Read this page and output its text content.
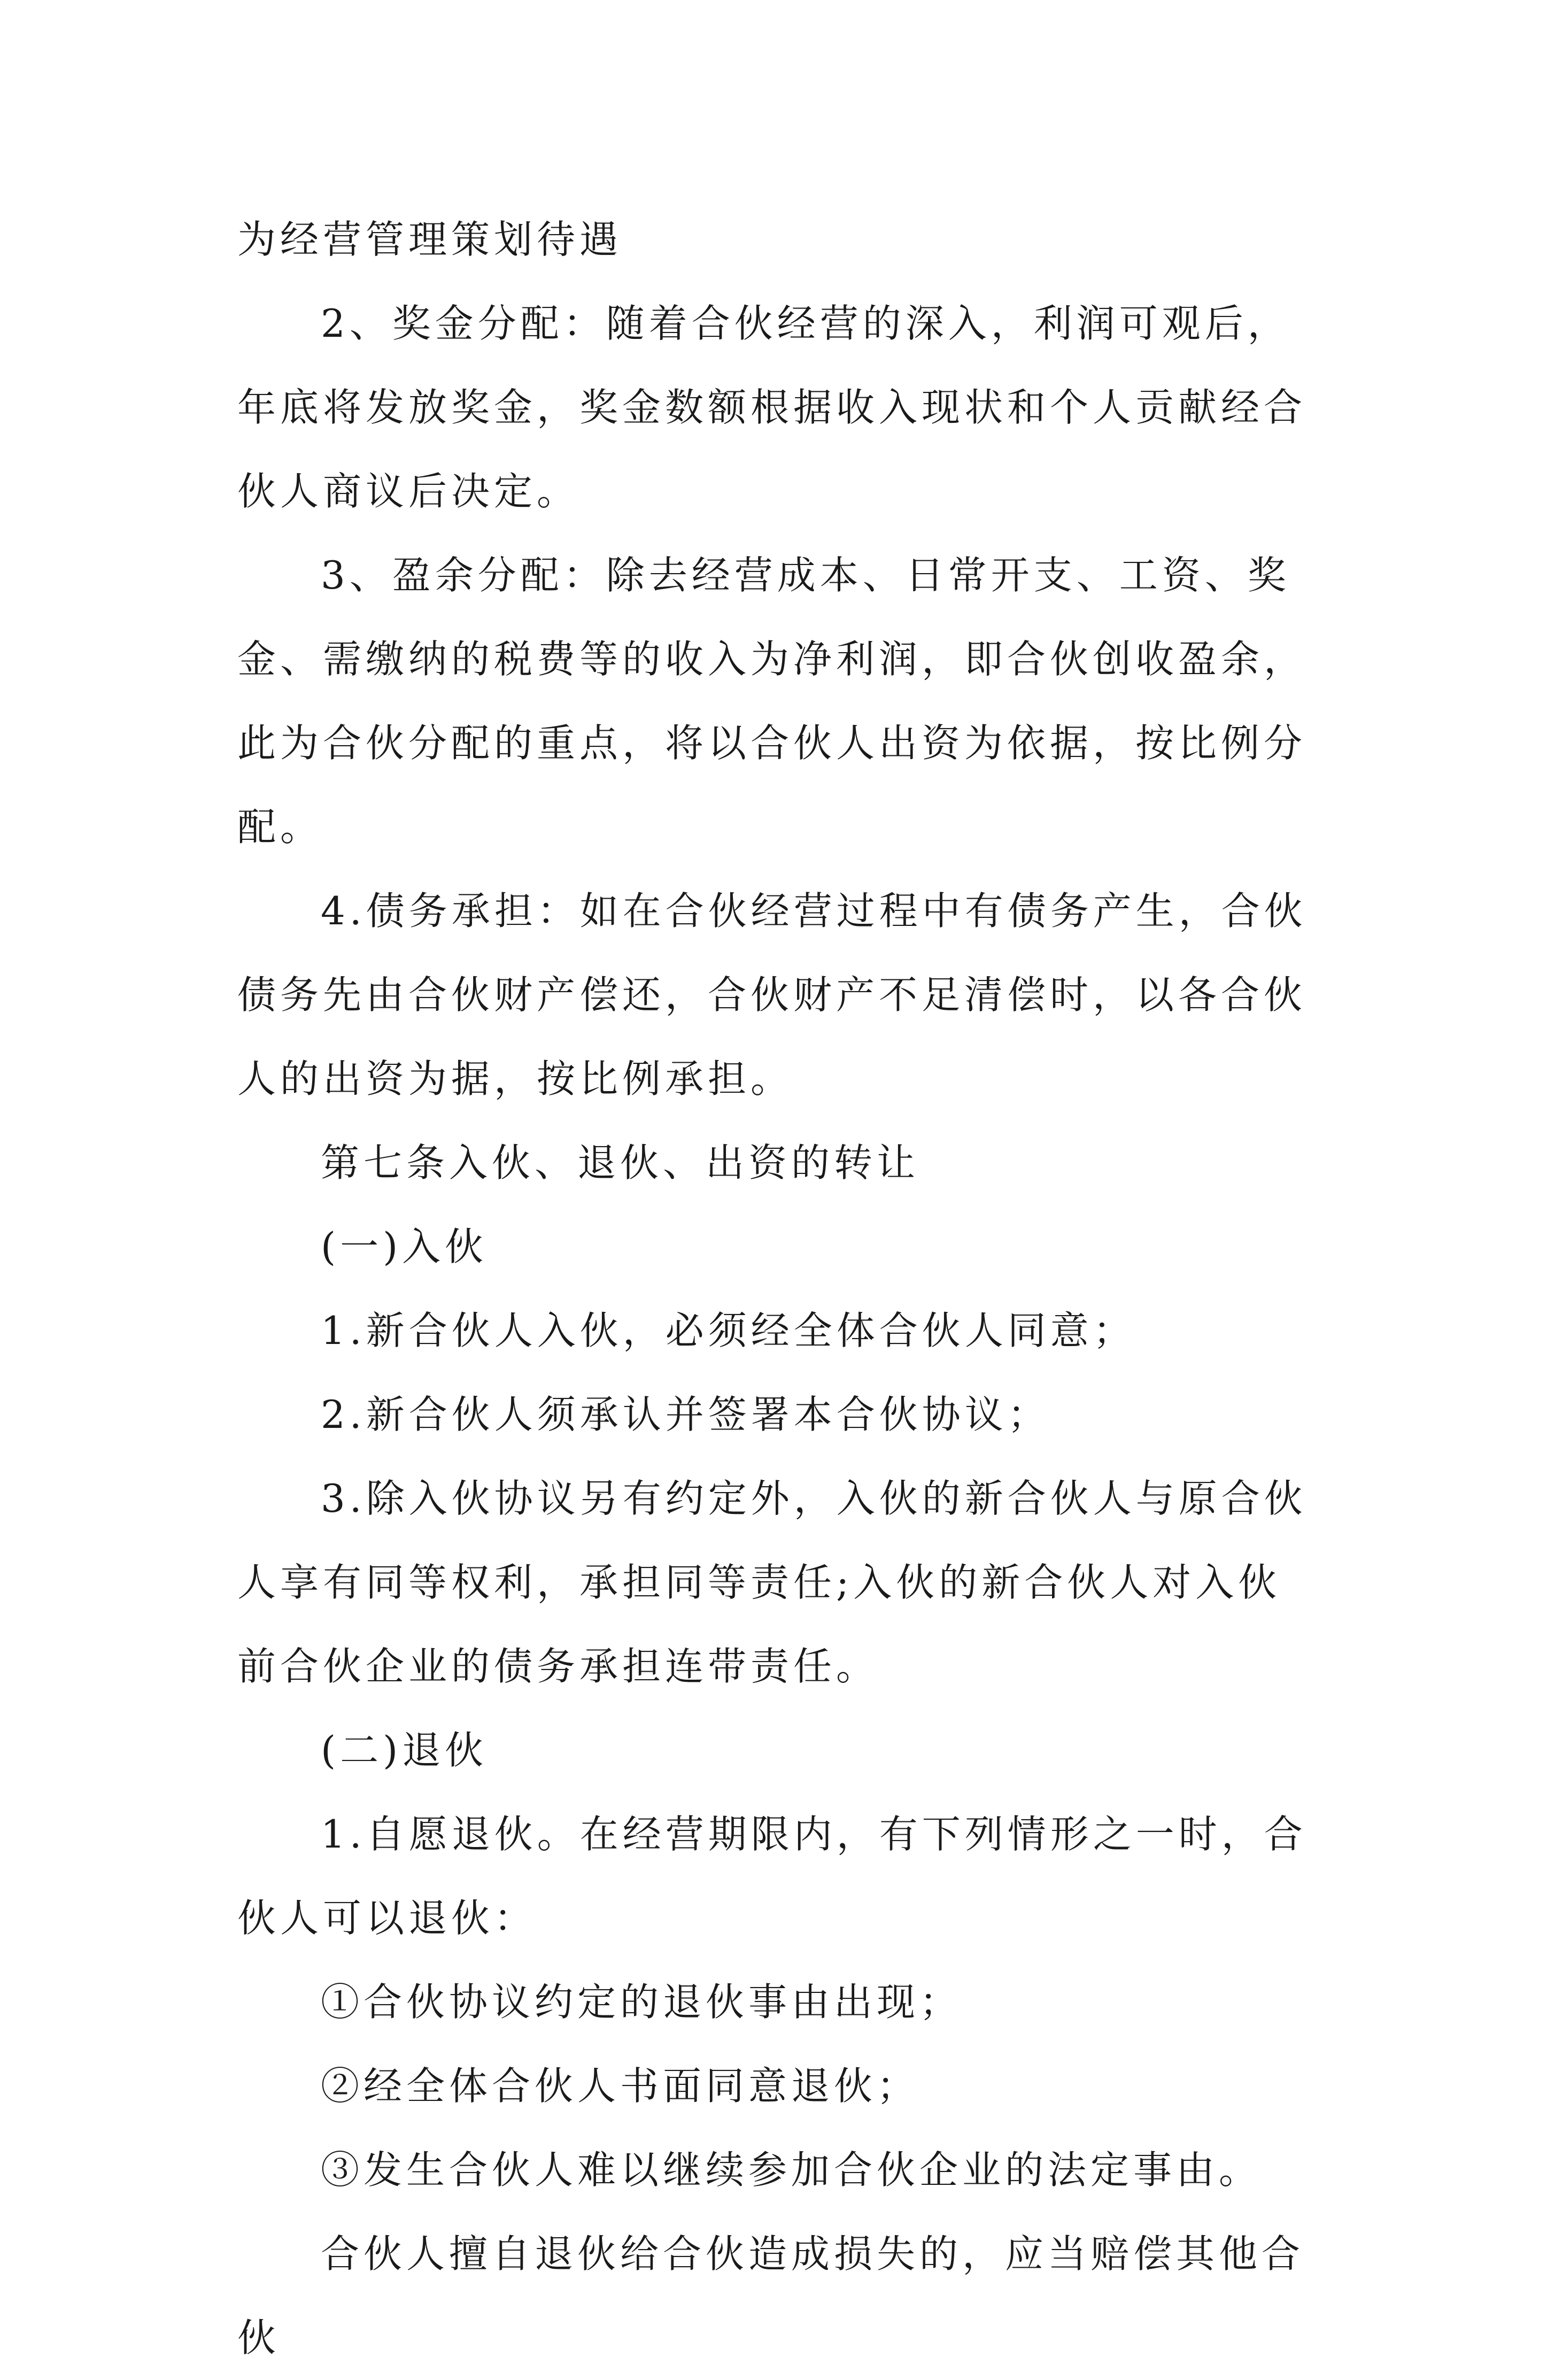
为经营管理策划待遇

2、奖金分配：随着合伙经营的深入，利润可观后，年底将发放奖金，奖金数额根据收入现状和个人贡献经合伙人商议后决定。

3、盈余分配：除去经营成本、日常开支、工资、奖金、需缴纳的税费等的收入为净利润，即合伙创收盈余，此为合伙分配的重点，将以合伙人出资为依据，按比例分配。

4.债务承担：如在合伙经营过程中有债务产生，合伙债务先由合伙财产偿还，合伙财产不足清偿时，以各合伙人的出资为据，按比例承担。

第七条入伙、退伙、出资的转让

(一)入伙

1.新合伙人入伙，必须经全体合伙人同意；

2.新合伙人须承认并签署本合伙协议；

3.除入伙协议另有约定外，入伙的新合伙人与原合伙人享有同等权利，承担同等责任;入伙的新合伙人对入伙前合伙企业的债务承担连带责任。

(二)退伙

1.自愿退伙。在经营期限内，有下列情形之一时，合伙人可以退伙：

①合伙协议约定的退伙事由出现；

②经全体合伙人书面同意退伙；

③发生合伙人难以继续参加合伙企业的法定事由。

合伙人擅自退伙给合伙造成损失的，应当赔偿其他合伙
